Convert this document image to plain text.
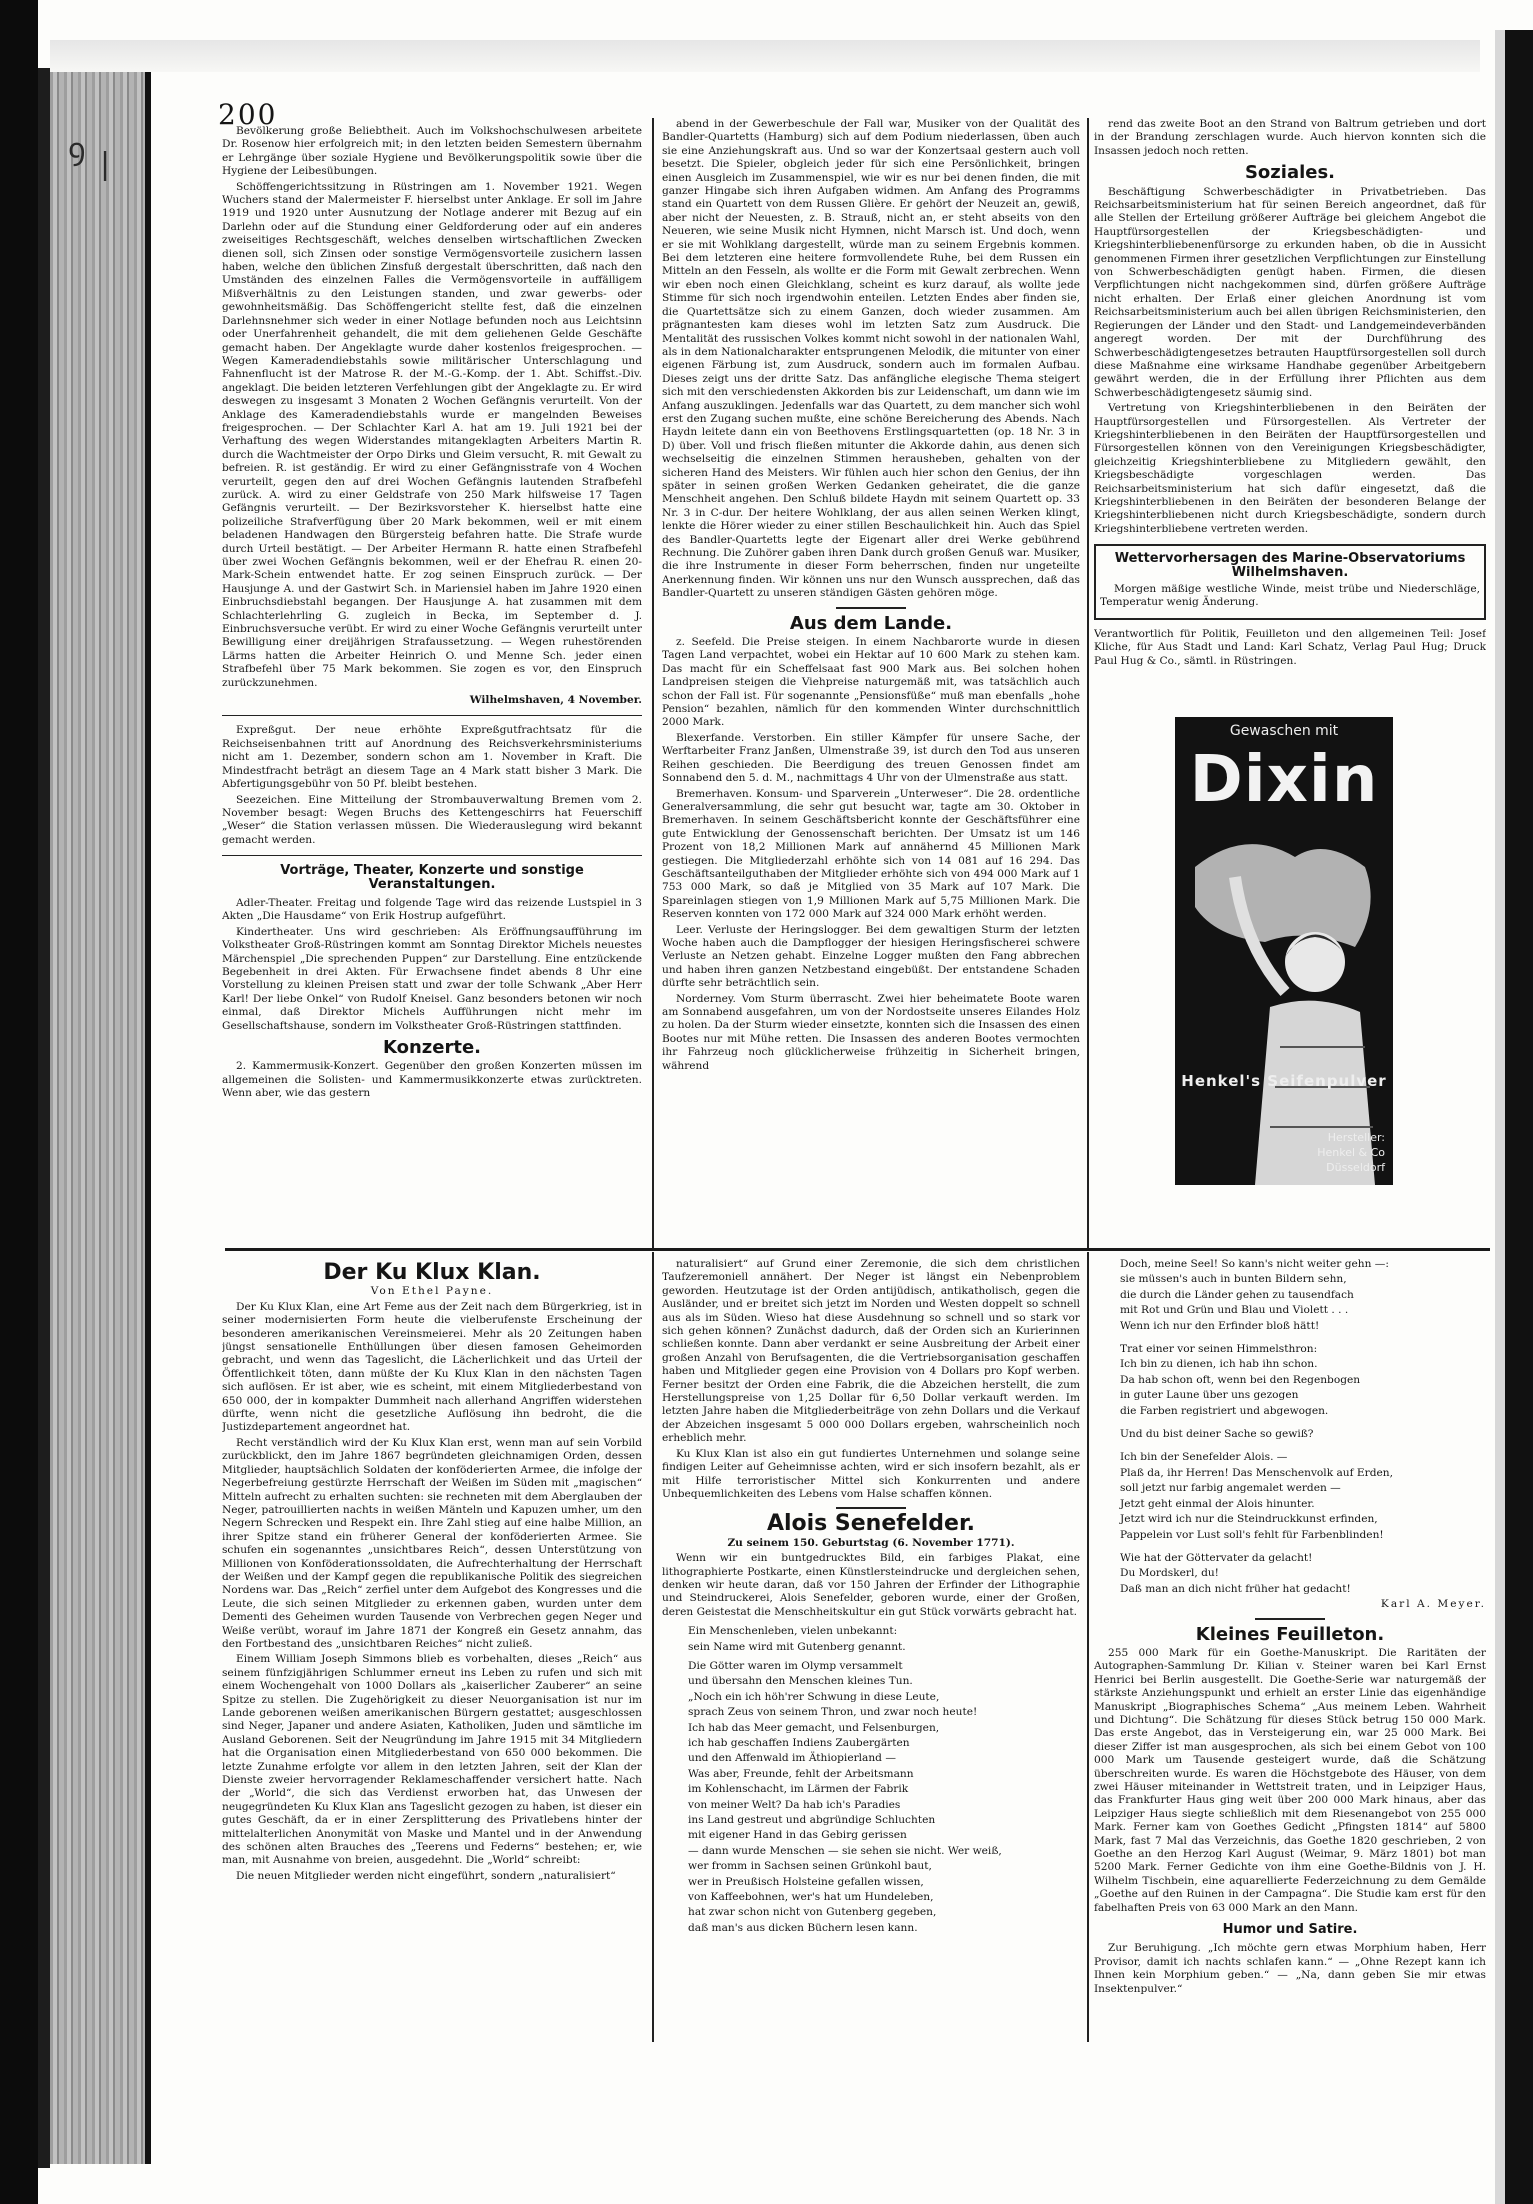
ꝯ |
200

Bevölkerung große Beliebtheit. Auch im Volkshochschulwesen arbeitete Dr. Rosenow hier erfolgreich mit; in den letzten beiden Semestern übernahm er Lehrgänge über soziale Hygiene und Bevölkerungspolitik sowie über die Hygiene der Leibesübungen.

Schöffengerichtssitzung in Rüstringen am 1. November 1921. Wegen Wuchers stand der Malermeister F. hierselbst unter Anklage. Er soll im Jahre 1919 und 1920 unter Ausnutzung der Notlage anderer mit Bezug auf ein Darlehn oder auf die Stundung einer Geldforderung oder auf ein anderes zweiseitiges Rechtsgeschäft, welches denselben wirtschaftlichen Zwecken dienen soll, sich Zinsen oder sonstige Vermögensvorteile zusichern lassen haben, welche den üblichen Zinsfuß dergestalt überschritten, daß nach den Umständen des einzelnen Falles die Vermögensvorteile in auffälligem Mißverhältnis zu den Leistungen standen, und zwar gewerbs- oder gewohnheitsmäßig. Das Schöffengericht stellte fest, daß die einzelnen Darlehnsnehmer sich weder in einer Notlage befunden noch aus Leichtsinn oder Unerfahrenheit gehandelt, die mit dem geliehenen Gelde Geschäfte gemacht haben. Der Angeklagte wurde daher kostenlos freigesprochen. — Wegen Kameradendiebstahls sowie militärischer Unterschlagung und Fahnenflucht ist der Matrose R. der M.-G.-Komp. der 1. Abt. Schiffst.-Div. angeklagt. Die beiden letzteren Verfehlungen gibt der Angeklagte zu. Er wird deswegen zu insgesamt 3 Monaten 2 Wochen Gefängnis verurteilt. Von der Anklage des Kameradendiebstahls wurde er mangelnden Beweises freigesprochen. — Der Schlachter Karl A. hat am 19. Juli 1921 bei der Verhaftung des wegen Widerstandes mitangeklagten Arbeiters Martin R. durch die Wachtmeister der Orpo Dirks und Gleim versucht, R. mit Gewalt zu befreien. R. ist geständig. Er wird zu einer Gefängnisstrafe von 4 Wochen verurteilt, gegen den auf drei Wochen Gefängnis lautenden Strafbefehl zurück. A. wird zu einer Geldstrafe von 250 Mark hilfsweise 17 Tagen Gefängnis verurteilt. — Der Bezirksvorsteher K. hierselbst hatte eine polizeiliche Strafverfügung über 20 Mark bekommen, weil er mit einem beladenen Handwagen den Bürgersteig befahren hatte. Die Strafe wurde durch Urteil bestätigt. — Der Arbeiter Hermann R. hatte einen Strafbefehl über zwei Wochen Gefängnis bekommen, weil er der Ehefrau R. einen 20-Mark-Schein entwendet hatte. Er zog seinen Einspruch zurück. — Der Hausjunge A. und der Gastwirt Sch. in Mariensiel haben im Jahre 1920 einen Einbruchsdiebstahl begangen. Der Hausjunge A. hat zusammen mit dem Schlachterlehrling G. zugleich in Becka, im September d. J. Einbruchsversuche verübt. Er wird zu einer Woche Gefängnis verurteilt unter Bewilligung einer dreijährigen Strafaussetzung. — Wegen ruhestörenden Lärms hatten die Arbeiter Heinrich O. und Menne Sch. jeder einen Strafbefehl über 75 Mark bekommen. Sie zogen es vor, den Einspruch zurückzunehmen.

Wilhelmshaven, 4 November.

Expreßgut. Der neue erhöhte Expreßgutfrachtsatz für die Reichseisenbahnen tritt auf Anordnung des Reichsverkehrsministeriums nicht am 1. Dezember, sondern schon am 1. November in Kraft. Die Mindestfracht beträgt an diesem Tage an 4 Mark statt bisher 3 Mark. Die Abfertigungsgebühr von 50 Pf. bleibt bestehen.

Seezeichen. Eine Mitteilung der Strombauverwaltung Bremen vom 2. November besagt: Wegen Bruchs des Kettengeschirrs hat Feuerschiff „Weser“ die Station verlassen müssen. Die Wiederauslegung wird bekannt gemacht werden.

Vorträge, Theater, Konzerte und sonstige Veranstaltungen.

Adler-Theater. Freitag und folgende Tage wird das reizende Lustspiel in 3 Akten „Die Hausdame“ von Erik Hostrup aufgeführt.

Kindertheater. Uns wird geschrieben: Als Eröffnungsaufführung im Volkstheater Groß-Rüstringen kommt am Sonntag Direktor Michels neuestes Märchenspiel „Die sprechenden Puppen“ zur Darstellung. Eine entzückende Begebenheit in drei Akten. Für Erwachsene findet abends 8 Uhr eine Vorstellung zu kleinen Preisen statt und zwar der tolle Schwank „Aber Herr Karl! Der liebe Onkel“ von Rudolf Kneisel. Ganz besonders betonen wir noch einmal, daß Direktor Michels Aufführungen nicht mehr im Gesellschaftshause, sondern im Volkstheater Groß-Rüstringen stattfinden.

Konzerte.

2. Kammermusik-Konzert. Gegenüber den großen Konzerten müssen im allgemeinen die Solisten- und Kammermusikkonzerte etwas zurücktreten. Wenn aber, wie das gestern

abend in der Gewerbeschule der Fall war, Musiker von der Qualität des Bandler-Quartetts (Hamburg) sich auf dem Podium niederlassen, üben auch sie eine Anziehungskraft aus. Und so war der Konzertsaal gestern auch voll besetzt. Die Spieler, obgleich jeder für sich eine Persönlichkeit, bringen einen Ausgleich im Zusammenspiel, wie wir es nur bei denen finden, die mit ganzer Hingabe sich ihren Aufgaben widmen. Am Anfang des Programms stand ein Quartett von dem Russen Glière. Er gehört der Neuzeit an, gewiß, aber nicht der Neuesten, z. B. Strauß, nicht an, er steht abseits von den Neueren, wie seine Musik nicht Hymnen, nicht Marsch ist. Und doch, wenn er sie mit Wohlklang dargestellt, würde man zu seinem Ergebnis kommen. Bei dem letzteren eine heitere formvollendete Ruhe, bei dem Russen ein Mitteln an den Fesseln, als wollte er die Form mit Gewalt zerbrechen. Wenn wir eben noch einen Gleichklang, scheint es kurz darauf, als wollte jede Stimme für sich noch irgendwohin enteilen. Letzten Endes aber finden sie, die Quartettsätze sich zu einem Ganzen, doch wieder zusammen. Am prägnantesten kam dieses wohl im letzten Satz zum Ausdruck. Die Mentalität des russischen Volkes kommt nicht sowohl in der nationalen Wahl, als in dem Nationalcharakter entsprungenen Melodik, die mitunter von einer eigenen Färbung ist, zum Ausdruck, sondern auch im formalen Aufbau. Dieses zeigt uns der dritte Satz. Das anfängliche elegische Thema steigert sich mit den verschiedensten Akkorden bis zur Leidenschaft, um dann wie im Anfang auszuklingen. Jedenfalls war das Quartett, zu dem mancher sich wohl erst den Zugang suchen mußte, eine schöne Bereicherung des Abends. Nach Haydn leitete dann ein von Beethovens Erstlingsquartetten (op. 18 Nr. 3 in D) über. Voll und frisch fließen mitunter die Akkorde dahin, aus denen sich wechselseitig die einzelnen Stimmen herausheben, gehalten von der sicheren Hand des Meisters. Wir fühlen auch hier schon den Genius, der ihn später in seinen großen Werken Gedanken geheiratet, die die ganze Menschheit angehen. Den Schluß bildete Haydn mit seinem Quartett op. 33 Nr. 3 in C-dur. Der heitere Wohlklang, der aus allen seinen Werken klingt, lenkte die Hörer wieder zu einer stillen Beschaulichkeit hin. Auch das Spiel des Bandler-Quartetts legte der Eigenart aller drei Werke gebührend Rechnung. Die Zuhörer gaben ihren Dank durch großen Genuß war. Musiker, die ihre Instrumente in dieser Form beherrschen, finden nur ungeteilte Anerkennung finden. Wir können uns nur den Wunsch aussprechen, daß das Bandler-Quartett zu unseren ständigen Gästen gehören möge.

Aus dem Lande.

z. Seefeld. Die Preise steigen. In einem Nachbarorte wurde in diesen Tagen Land verpachtet, wobei ein Hektar auf 10 600 Mark zu stehen kam. Das macht für ein Scheffelsaat fast 900 Mark aus. Bei solchen hohen Landpreisen steigen die Viehpreise naturgemäß mit, was tatsächlich auch schon der Fall ist. Für sogenannte „Pensionsfüße“ muß man ebenfalls „hohe Pension“ bezahlen, nämlich für den kommenden Winter durchschnittlich 2000 Mark.

Blexerfande. Verstorben. Ein stiller Kämpfer für unsere Sache, der Werftarbeiter Franz Janßen, Ulmenstraße 39, ist durch den Tod aus unseren Reihen geschieden. Die Beerdigung des treuen Genossen findet am Sonnabend den 5. d. M., nachmittags 4 Uhr von der Ulmenstraße aus statt.

Bremerhaven. Konsum- und Sparverein „Unterweser“. Die 28. ordentliche Generalversammlung, die sehr gut besucht war, tagte am 30. Oktober in Bremerhaven. In seinem Geschäftsbericht konnte der Geschäftsführer eine gute Entwicklung der Genossenschaft berichten. Der Umsatz ist um 146 Prozent von 18,2 Millionen Mark auf annähernd 45 Millionen Mark gestiegen. Die Mitgliederzahl erhöhte sich von 14 081 auf 16 294. Das Geschäftsanteilguthaben der Mitglieder erhöhte sich von 494 000 Mark auf 1 753 000 Mark, so daß je Mitglied von 35 Mark auf 107 Mark. Die Spareinlagen stiegen von 1,9 Millionen Mark auf 5,75 Millionen Mark. Die Reserven konnten von 172 000 Mark auf 324 000 Mark erhöht werden.

Leer. Verluste der Heringslogger. Bei dem gewaltigen Sturm der letzten Woche haben auch die Dampflogger der hiesigen Heringsfischerei schwere Verluste an Netzen gehabt. Einzelne Logger mußten den Fang abbrechen und haben ihren ganzen Netzbestand eingebüßt. Der entstandene Schaden dürfte sehr beträchtlich sein.

Norderney. Vom Sturm überrascht. Zwei hier beheimatete Boote waren am Sonnabend ausgefahren, um von der Nordostseite unseres Eilandes Holz zu holen. Da der Sturm wieder einsetzte, konnten sich die Insassen des einen Bootes nur mit Mühe retten. Die Insassen des anderen Bootes vermochten ihr Fahrzeug noch glücklicherweise frühzeitig in Sicherheit bringen, während

rend das zweite Boot an den Strand von Baltrum getrieben und dort in der Brandung zerschlagen wurde. Auch hiervon konnten sich die Insassen jedoch noch retten.

Soziales.

Beschäftigung Schwerbeschädigter in Privatbetrieben. Das Reichsarbeitsministerium hat für seinen Bereich angeordnet, daß für alle Stellen der Erteilung größerer Aufträge bei gleichem Angebot die Hauptfürsorgestellen der Kriegsbeschädigten- und Kriegshinterbliebenenfürsorge zu erkunden haben, ob die in Aussicht genommenen Firmen ihrer gesetzlichen Verpflichtungen zur Einstellung von Schwerbeschädigten genügt haben. Firmen, die diesen Verpflichtungen nicht nachgekommen sind, dürfen größere Aufträge nicht erhalten. Der Erlaß einer gleichen Anordnung ist vom Reichsarbeitsministerium auch bei allen übrigen Reichsministerien, den Regierungen der Länder und den Stadt- und Landgemeindeverbänden angeregt worden. Der mit der Durchführung des Schwerbeschädigtengesetzes betrauten Hauptfürsorgestellen soll durch diese Maßnahme eine wirksame Handhabe gegenüber Arbeitgebern gewährt werden, die in der Erfüllung ihrer Pflichten aus dem Schwerbeschädigtengesetz säumig sind.

Vertretung von Kriegshinterbliebenen in den Beiräten der Hauptfürsorgestellen und Fürsorgestellen. Als Vertreter der Kriegshinterbliebenen in den Beiräten der Hauptfürsorgestellen und Fürsorgestellen können von den Vereinigungen Kriegsbeschädigter, gleichzeitig Kriegshinterbliebene zu Mitgliedern gewählt, den Kriegsbeschädigte vorgeschlagen werden. Das Reichsarbeitsministerium hat sich dafür eingesetzt, daß die Kriegshinterbliebenen in den Beiräten der besonderen Belange der Kriegshinterbliebenen nicht durch Kriegsbeschädigte, sondern durch Kriegshinterbliebene vertreten werden.

Wettervorhersagen des Marine-Observatoriums Wilhelmshaven.

Morgen mäßige westliche Winde, meist trübe und Niederschläge, Temperatur wenig Änderung.

Verantwortlich für Politik, Feuilleton und den allgemeinen Teil: Josef Kliche, für Aus Stadt und Land: Karl Schatz, Verlag Paul Hug; Druck Paul Hug & Co., sämtl. in Rüstringen.

Gewaschen mit
Dixin
Henkel's Seifenpulver
Hersteller:
Henkel & Co
Düsseldorf
Der Ku Klux Klan.

Von Ethel Payne.

Der Ku Klux Klan, eine Art Feme aus der Zeit nach dem Bürgerkrieg, ist in seiner modernisierten Form heute die vielberufenste Erscheinung der besonderen amerikanischen Vereinsmeierei. Mehr als 20 Zeitungen haben jüngst sensationelle Enthüllungen über diesen famosen Geheimorden gebracht, und wenn das Tageslicht, die Lächerlichkeit und das Urteil der Öffentlichkeit töten, dann müßte der Ku Klux Klan in den nächsten Tagen sich auflösen. Er ist aber, wie es scheint, mit einem Mitgliederbestand von 650 000, der in kompakter Dummheit nach allerhand Angriffen widerstehen dürfte, wenn nicht die gesetzliche Auflösung ihn bedroht, die die Justizdepartement angeordnet hat.

Recht verständlich wird der Ku Klux Klan erst, wenn man auf sein Vorbild zurückblickt, den im Jahre 1867 begründeten gleichnamigen Orden, dessen Mitglieder, hauptsächlich Soldaten der konföderierten Armee, die infolge der Negerbefreiung gestürzte Herrschaft der Weißen im Süden mit „magischen“ Mitteln aufrecht zu erhalten suchten: sie rechneten mit dem Aberglauben der Neger, patrouillierten nachts in weißen Mänteln und Kapuzen umher, um den Negern Schrecken und Respekt ein. Ihre Zahl stieg auf eine halbe Million, an ihrer Spitze stand ein früherer General der konföderierten Armee. Sie schufen ein sogenanntes „unsichtbares Reich“, dessen Unterstützung von Millionen von Konföderationssoldaten, die Aufrechterhaltung der Herrschaft der Weißen und der Kampf gegen die republikanische Politik des siegreichen Nordens war. Das „Reich“ zerfiel unter dem Aufgebot des Kongresses und die Leute, die sich seinen Mitglieder zu erkennen gaben, wurden unter dem Dementi des Geheimen wurden Tausende von Verbrechen gegen Neger und Weiße verübt, worauf im Jahre 1871 der Kongreß ein Gesetz annahm, das den Fortbestand des „unsichtbaren Reiches“ nicht zuließ.

Einem William Joseph Simmons blieb es vorbehalten, dieses „Reich“ aus seinem fünfzigjährigen Schlummer erneut ins Leben zu rufen und sich mit einem Wochengehalt von 1000 Dollars als „kaiserlicher Zauberer“ an seine Spitze zu stellen. Die Zugehörigkeit zu dieser Neuorganisation ist nur im Lande geborenen weißen amerikanischen Bürgern gestattet; ausgeschlossen sind Neger, Japaner und andere Asiaten, Katholiken, Juden und sämtliche im Ausland Geborenen. Seit der Neugründung im Jahre 1915 mit 34 Mitgliedern hat die Organisation einen Mitgliederbestand von 650 000 bekommen. Die letzte Zunahme erfolgte vor allem in den letzten Jahren, seit der Klan der Dienste zweier hervorragender Reklameschaffender versichert hatte. Nach der „World“, die sich das Verdienst erworben hat, das Unwesen der neugegründeten Ku Klux Klan ans Tageslicht gezogen zu haben, ist dieser ein gutes Geschäft, da er in einer Zersplitterung des Privatlebens hinter der mittelalterlichen Anonymität von Maske und Mantel und in der Anwendung des schönen alten Brauches des „Teerens und Federns“ bestehen; er, wie man, mit Ausnahme von breien, ausgedehnt. Die „World“ schreibt:

Die neuen Mitglieder werden nicht eingeführt, sondern „naturalisiert“

naturalisiert“ auf Grund einer Zeremonie, die sich dem christlichen Taufzeremoniell annähert. Der Neger ist längst ein Nebenproblem geworden. Heutzutage ist der Orden antijüdisch, antikatholisch, gegen die Ausländer, und er breitet sich jetzt im Norden und Westen doppelt so schnell aus als im Süden. Wieso hat diese Ausdehnung so schnell und so stark vor sich gehen können? Zunächst dadurch, daß der Orden sich an Kurierinnen schließen konnte. Dann aber verdankt er seine Ausbreitung der Arbeit einer großen Anzahl von Berufsagenten, die die Vertriebsorganisation geschaffen haben und Mitglieder gegen eine Provision von 4 Dollars pro Kopf werben. Ferner besitzt der Orden eine Fabrik, die die Abzeichen herstellt, die zum Herstellungspreise von 1,25 Dollar für 6,50 Dollar verkauft werden. Im letzten Jahre haben die Mitgliederbeiträge von zehn Dollars und die Verkauf der Abzeichen insgesamt 5 000 000 Dollars ergeben, wahrscheinlich noch erheblich mehr.

Ku Klux Klan ist also ein gut fundiertes Unternehmen und solange seine findigen Leiter auf Geheimnisse achten, wird er sich insofern bezahlt, als er mit Hilfe terroristischer Mittel sich Konkurrenten und andere Unbequemlichkeiten des Lebens vom Halse schaffen können.

Alois Senefelder.

Zu seinem 150. Geburtstag (6. November 1771).

Wenn wir ein buntgedrucktes Bild, ein farbiges Plakat, eine lithographierte Postkarte, einen Künstlersteindrucke und dergleichen sehen, denken wir heute daran, daß vor 150 Jahren der Erfinder der Lithographie und Steindruckerei, Alois Senefelder, geboren wurde, einer der Großen, deren Geistestat die Menschheitskultur ein gut Stück vorwärts gebracht hat.

Ein Menschenleben, vielen unbekannt:

sein Name wird mit Gutenberg genannt.

Die Götter waren im Olymp versammelt

und übersahn den Menschen kleines Tun.

„Noch ein ich höh'rer Schwung in diese Leute,

sprach Zeus von seinem Thron, und zwar noch heute!

Ich hab das Meer gemacht, und Felsenburgen,

ich hab geschaffen Indiens Zaubergärten

und den Affenwald im Äthiopierland —

Was aber, Freunde, fehlt der Arbeitsmann

im Kohlenschacht, im Lärmen der Fabrik

von meiner Welt? Da hab ich's Paradies

ins Land gestreut und abgründige Schluchten

mit eigener Hand in das Gebirg gerissen

— dann wurde Menschen — sie sehen sie nicht. Wer weiß,

wer fromm in Sachsen seinen Grünkohl baut,

wer in Preußisch Holsteine gefallen wissen,

von Kaffeebohnen, wer's hat um Hundeleben,

hat zwar schon nicht von Gutenberg gegeben,

daß man's aus dicken Büchern lesen kann.

Doch, meine Seel! So kann's nicht weiter gehn —:

sie müssen's auch in bunten Bildern sehn,

die durch die Länder gehen zu tausendfach

mit Rot und Grün und Blau und Violett . . .

Wenn ich nur den Erfinder bloß hätt!

Trat einer vor seinen Himmelsthron:

Ich bin zu dienen, ich hab ihn schon.

Da hab schon oft, wenn bei den Regenbogen

in guter Laune über uns gezogen

die Farben registriert und abgewogen.

Und du bist deiner Sache so gewiß?

Ich bin der Senefelder Alois. —

Plaß da, ihr Herren! Das Menschenvolk auf Erden,

soll jetzt nur farbig angemalet werden —

Jetzt geht einmal der Alois hinunter.

Jetzt wird ich nur die Steindruckkunst erfinden,

Pappelein vor Lust soll's fehlt für Farbenblinden!

Wie hat der Göttervater da gelacht!

Du Mordskerl, du!

Daß man an dich nicht früher hat gedacht!

Karl A. Meyer.

Kleines Feuilleton.

255 000 Mark für ein Goethe-Manuskript. Die Raritäten der Autographen-Sammlung Dr. Kilian v. Steiner waren bei Karl Ernst Henrici bei Berlin ausgestellt. Die Goethe-Serie war naturgemäß der stärkste Anziehungspunkt und erhielt an erster Linie das eigenhändige Manuskript „Biographisches Schema“ „Aus meinem Leben. Wahrheit und Dichtung“. Die Schätzung für dieses Stück betrug 150 000 Mark. Das erste Angebot, das in Versteigerung ein, war 25 000 Mark. Bei dieser Ziffer ist man ausgesprochen, als sich bei einem Gebot von 100 000 Mark um Tausende gesteigert wurde, daß die Schätzung überschreiten wurde. Es waren die Höchstgebote des Häuser, von dem zwei Häuser miteinander in Wettstreit traten, und in Leipziger Haus, das Frankfurter Haus ging weit über 200 000 Mark hinaus, aber das Leipziger Haus siegte schließlich mit dem Riesenangebot von 255 000 Mark. Ferner kam von Goethes Gedicht „Pfingsten 1814“ auf 5800 Mark, fast 7 Mal das Verzeichnis, das Goethe 1820 geschrieben, 2 von Goethe an den Herzog Karl August (Weimar, 9. März 1801) bot man 5200 Mark. Ferner Gedichte von ihm eine Goethe-Bildnis von J. H. Wilhelm Tischbein, eine aquarellierte Federzeichnung zu dem Gemälde „Goethe auf den Ruinen in der Campagna“. Die Studie kam erst für den fabelhaften Preis von 63 000 Mark an den Mann.

Humor und Satire.

Zur Beruhigung. „Ich möchte gern etwas Morphium haben, Herr Provisor, damit ich nachts schlafen kann.“ — „Ohne Rezept kann ich Ihnen kein Morphium geben.“ — „Na, dann geben Sie mir etwas Insektenpulver.“
